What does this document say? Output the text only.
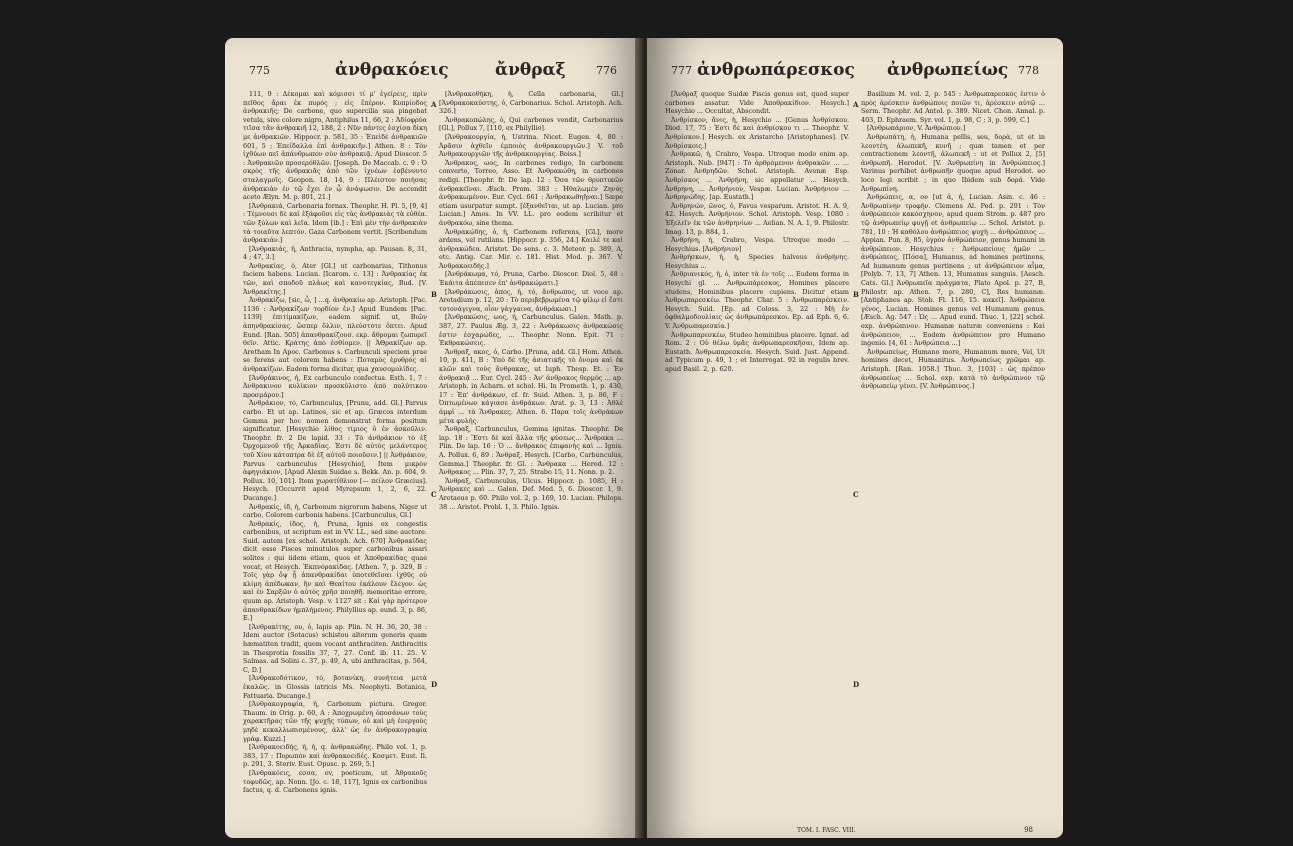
775	ἀνθρακόεις	ἄνθραξ	776

111, 9 : Δέκομαι καὶ κόμισσι τί μ' ἐγείρεις, πρὶν πεῖθος ἄραι ἐκ πυρός ; εἰς ἕπέρον. Κυπρίοδος ἀνθρακιῆς; De carbone, quo supercilia sua pingebat vetula, sive colore nigro, Antiphilus 11, 66, 2 : Ἀδίοφρύα τιῖσα τἂν ἀνθρακιῆ 12, 188, 2 : Νῦν πάντες ἐσχίσα δίκη με ἀνθρακιῶν. Hippocr. p. 581, 35 : Ἐπεὶδὲ ἀνθρακιῶν 601, 5 ; Ἐπείδαλλα ἐπὶ ἀνθρακιῆν.] Athen. 8 : Τὸν ἰχθύων πεῖ ἀπάνθρωπον σὺν ἀνθρακιᾷ. Apud Dioscor. 5 : Ἀνθρακιῶν προσερόθλῶν. [Joseph. De Maccab. c. 9 : Ὁ σκρὸς τῆς ἀνθρακιᾶς ἀπὸ τῶν ἰχνέων ἐσβέννυτο σταλαγμοῖς. Geopon. 18, 14, 9 : Πλέιστον ποιήσας ἀνθρακιὰν ἐν τῷ ἔχει ἐν ᾧ ἀνάψωσιν. De accendit aceto Ælyn. M. p. 801, 21.]

[Ἀνθρακιά, Carbonaria fornax. Theophr. H. Pl. 5, [9, 4] : Τέμνουσι δὲ καὶ ἐξάφοῦσι εἰς τὰς ἀνθρακιὰς τὰ εὐθέα. τῶν ξύλων καὶ λεῖα. Idem [ib.] : Ἐπὶ μὲν τὴν ἀνθρακιὰν τὰ τοιαῦτα λεπτόν. Gaza Carbonem vertit. [Scribendum ἀνθρακιάν.]

[Ἀνθρακιάς, ἡ, Anthracia, nympha, ap. Pausan. 8, 31, 4 ; 47, 3.]

Ἀνθρακίας, ὁ, Ater [Gl.] ut carbonarius, Tithonus faciem habens. Lucian. [Icarom. c. 13] : Ἀνθρακίας ἐκ τῶν, καὶ σποδοῦ πλάως καὶ κανοτεγκίας, Bud. [V. Ἀνθρακίτης.]

Ἀνθρακίζω, [sic, ὦ, ] ...q. ἀνθρακίω ap. Aristoph. [Pac. 1136 : Ἀνθρακίζων τορδίον ἐν.] Apud Eundem [Pac. 1139] ἐπιτίμακίζων, eadem signif. ut, Βιῶν ἀπηνθρακίσας. ὥσπερ ὄλλιν, πλεύστοτε ὄπτει. Apud Eund. [Ran. 505] ἀπανθρακίζουσ. εκρ. ἄθρομαι ζωπυρεῖ θεῖν. Attic. Κράτης ἀπὸ ἐσθίομεν. || ἈΘρακίζων ap. Aretham In Apoc. Carbonus s. Carbunculi speciem prae se ferens aut colorem habens : Ποταμὸς ἐρυθρός αἱ ἀνθρακίζων. Eadem forma dicitur, qua χαυσομολίδες.

[Ἀνθράκινος, ἡ, Ex carbunculo confectus. Esth. 1, 7 : Ἀνθρακινον κυλίκιον προσκύλιστο ἀπὸ πολύτικου προσμάρον.]

Ἀνθράκιον, τό, Carbunculus, [Prunu, add. Gl.] Parvus carbo. Et ut ap. Latinos, sic et ap. Græcos interdum Gemma per hoc nomen demonstrat forma positum significatur. [Hesychio λίθος τίμιος ὃ ἐν ἀσκοῦλιν. Theophr. fr. 2 De lapid. 33 : Τὸ ἀνθράκιον τὸ ἐξ Ὀρχομενοῦ τῆς Ἀρκαδίας. Ἐστι δὲ αὐτὸς μελάντερος τοῦ Χίου κάτοπτρα δὲ ἐξ αὐτοῦ ποιοῦσιν.] || Ἀνθράκιον, Parvus carbunculus [Hesychio], Item μικρὸν ἀφηγιάκιον, [Apud Alexin Suidae s. Bekk. An. p. 604, 9. Pollux. 10, 101]. Item χωρατίθλιον [— πείλον Græcius]. Hesych. [Occurrit apud Myrepsum 1, 2, 6, 22. Ducange.]

Ἀνθρακίς, ίδ, ἡ, Carbonum nigrorum habens, Niger ut carbo, Colorem carbonis habens. [Carbunculus, Gl.]

Ἀνθρακίς, ίδος, ἡ, Pruna, Ignis ex congestis carbonibus, ut scriptum est in VV. LL., sed sine auctore. Suid. autem [ex schol. Aristoph. Ach. 670] Ἀνθρακίδας dicit esse Pisces minutulos super carbonibus assari solitos : qui iidem etiam, quos et Ἀποθρακίδας quae vocat, et Hesych. Ἐκπνόρακίδας. [Athen. 7, p. 329, B : Τοῖς γὰρ ὄψ ᾗ ἀπανθρακίδαι ὑποτεθεῖσαι ἰχθῦς οὐ κλίμη ἀπέδωκαν, ἢν καὶ Θεαίτου ἐκάλουν ἔλεγον. ὡς καὶ ἐν Σαρξῶν ὁ αὐτὸς χρῆσ ποιηθῆ. memoritae errore, quum ap. Aristoph. Vesp. v. 1127 sit : Καὶ γὰρ πρότερον ἀπανθρακίδων ἠμπλήμενος. Philyllius ap. eund. 3, p. 86, E.]

[Ἀνθρακίτης, ου, ὁ, lapis ap. Plin. N. H. 36, 20, 38 : Idem auctor (Sotacus) schistou alterum generis quam hæmatiten tradit, quem vocant anthraciten. Anthracitis in Thesprotia fossilis 37, 7, 27. Conf. ib. 11. 25. V. Salmas. ad Solini c. 37, p. 49, A, ubi anthracitas, p. 564, C, D.]

[Ἀνθρακοδότικον, τό, βοτανίκη, συνήτεια μετὰ ἐκαλῶς. in Glossis iatricis Ms. Neophyti. Botanica, Fattuaria. Ducange.]

[Ἀνθρακογραφία, ἡ, Carbonum pictura. Gregor. Thaum. in Orig. p. 60, A : Ἀποχρωμένη ὁποσάνων τοὺς χαρακτῆρας τῶν τῆς ψυχῆς τύπων, οὐ καὶ μὴ ἐνεργοὺς μηδὲ κεκαλλωπισμένους, ἀλλ' ὡς ἐν ἀνθρακογραφία γράφ. Kuzzi.]

[Ἀνθρακοειδής, ἡ, ἡ, q. ἀνθρακώδης. Philo vol. 1, p. 383, 17 : Πυρωπὸν καὶ ἀνθρακοειδές. Κοσμετ. Eust. Il. p. 291, 3. Steriv. Eust. Opusc. p. 269, 5.]

[Ἀνθρακόεις, εσσα, ev, poeticum, ut Ἀθρακοῦς τοφυδῶς, ap. Nonn. [Jo. c. 18, 117], Ignis ex carbonibus factus, q. d. Carbonens ignis.

[Ἀνθρακοθήκη, ἡ, Cella carbonaria, Gl.] [Ἀνθρακοκαύστης, ὁ, Carbonarius. Schol. Aristoph. Ach. 326.]

Ἀνθρακοπώλης, ὁ, Qui carbones vendit, Carbonarius [Gl.], Pollux 7, [110, ex Philyllio].

[Ἀνθρακουργία, ἡ, Ustrina. Nicet. Eugen. 4, 80 : Ἀρᾶσιν ἀχθεῖν ἐμποιὸς ἀνθρακουργιῶν.] V. τοῦ Ἀνθρακουργιῶν τῆς ἀνθρακουργίας. Boiss.]

Ἄνθρακος, ωος, In carbones redigo, In carbonem converto, Torreo, Asso. Et Ἀνθρακώθη, in carbones redigi. [Theophr. fr. De lap. 12 : Ὄσα τῶν θρυπτικῶν ἀνθρακεῖναι. Æsch. Prom. 383 : Ἠθαλωμέν Ζηνός ἀνθρακωμένον. Eur. Cycl. 661 : Ἀνθρακωθηῆναι.] Sæpe etiam usurpatur sumpt. [ἐξανθεῖται, ut ap. Lucian. pro Lucian.] Amos. In VV. LL. pro eodem scribitur et ἀνθρακόω, sine thema.

Ἀνθρακώδης, ὁ, ἡ, Carbonem referens, [Gl.], more ardens, vel rutilans. [Hippocr. p. 356, 24.] Καιλέ τε καὶ ἀνθρακώδεα. Aristot. De sens. c. 3. Meteor. p. 389, A, etc. Antig. Car. Mir. c. 181. Hist. Mod. p. 367. V. Ἀνθρακοειδής.]

[Ἀνθράκωμα, τό, Pruna, Carbo. Dioscor. Diol. 5, 48 : Ἐκάιτα ἀπέπεσεν ἐπ' ἀνθρακώματι.]

[Ἀνθράκωσις, ἀπος, ἡ, τό, ἄνθρωπος, ut voce ap. Aretadium p. 12, 20 : Τὸ περιβεβρωμένα τῷ φίλῳ εἰ ἔστι τοτονάγιγνα, οἷον γάγγαινα, ἀνθράκωσι.]

[Ἀνθρακώσις, ωος, ἡ, Carbunculus. Galen. Math. p. 387, 27. Paulus Æg. 3, 22 : Ἀνθράκωσις ἀνθρακώσις ἐστιν ἐσχαρώδες, ... Theophr. Nonn. Epit. 71 : Ἐκθρακώσεις.

Ἄνθραξ, ακος, ὁ, Carbo. [Pruna, add. Gl.] Hom. Athen. 10, p. 411, B : Ὑπὸ δὲ τῆς ἀσιατικῆς τὸ ὄνομα καὶ ἐκ κλῶν καὶ τοὺς ἄνθρακας, ut Iuph. Thesp. Et. : Ἐν ἀνθρακιᾷ ... Eur. Cycl. 245 : Ἀν' ἀνθρακος θερμὸς ... ap. Aristoph. in Acharn. et schol. Hi. In Prometh. 1, p. 430, 17 : Ἐπ' ἀνθράκων, cf. fr. Suid. Athen. 3, p. 86, F : Ὀπτωμένων κάγιασε ἀνθράκων. Arat. p. 3, 13 : Ἀθλέ ἀμφὶ ... τὰ Ἄνθρακες. Athen. 6. Παρα τοῖς ἀνθράκων μέτα φυλής.

Ἄνθραξ, Carbunculus, Gemma ignitas. Theophr. De lap. 18 : Ἔστι δὲ καὶ ἄλλα τῆς φύσεως... Ἄνθρακα ... Plin. De lap. 16 : Ὁ ... ἄνθρακος ἐπιφανὴς καὶ ... Ignis. A. Pollux. 6, 89 : Ἄνθραξ. Hesych. [Carbo, Carbunculus, Gemma.] Theophr. fr. Gl. : Ἄνθρακα ... Herod. 12 : Ἀνθρακος ... Plin. 37, 7, 25. Strabo 15, 11. Nonn. p. 2.

Ἄνθραξ, Carbunculus, Ulcus. Hippocr. p. 1085, H : Ἄνθρακες καὶ ... Galen. Def. Med. 5, 6. Dioscor. 1, 9. Aretaeus p. 60. Philo vol. 2, p. 169, 10. Lucian. Philops. 38 ... Aristot. Probl. 1, 3. Philo. Ignis.

A
B
C
D
777 ἀνθρωπάρεσκος ἀνθρωπείως 778

[Ἄνθραξ quoque Suidæ Piscis genus est, quod super carbones assatur. Vide Ἀποθρακίδιον. Hesych.] Hesychio ... Occultat, Abscondit.

Ἀνθρίσκον, ἄνις, ἡ, Hesychio ... [Genus Ἀνθρίσκου. Diod. 17, 75 : Ἐστι δὲ καὶ ἀνθρίσκου τι ... Theophr. V. Ἀνθρίσκον.] Hesych. ex Aristarcho [Aristophanes]. [V. Ἀνθρίσκοις.]

Ἀνθρακῶ, ἡ, Crabro, Vespa. Utroque modo enim ap. Aristoph. Nub. [947] : Τὸ ἀρθρόμενον ἀνθρακῶν ... ... Zonar. Ἀνθρηδῶν. Schol. Aristoph. Avenæ Esp. Ἀνθρίσκος ... Ἀνθρήνη, sic appellatur ... Hesych. Ἀνθρηνη, ... Ἀνθρήνιον, Vespæ. Lucian. Ἀνθρήνιον ... Ἀνθρηνώδης. [ap. Eustath.]

Ἀνθρηνών, ῶνος, ὁ, Favus vesparum. Aristot. H. A. 9, 42. Hesych. Ἀνθρήνιον. Schol. Aristoph. Vesp. 1080 : Ἐξελεῖν ἐκ τῶν ἀνθρηνίων ... Aelian. N. A. 1, 9. Philostr. Imag. 13, p. 884, 1.

Ἀνθρήνη, ἡ, Crabro, Vespa. Utroque modo ... Hesychius. [Ἀνθρήνιον]

Ἀνθρήσκων, ἡ, ἡ, Species halveus ἀνθρήνης. Hesychius ...

Ἀνθριανικός, ἡ, ὁ, inter τὰ ἐν τοῖς ... Eudem forma in Hesychi gl. ... Ἀνθρωπάρεσκος, Homines placere studens, Hominibus placere cupiens. Dicitur etiam Ἀνθρωπαρεσκέω. Theophr. Char. 5 : Ἀνθρωπαρέσκειν. Hesych. Suid. [Ep. ad Coloss. 3, 22 : Μὴ ἐν ὀφθαλμοδουλίαις ὡς ἀνθρωπάρεσκοι. Ep. ad Eph. 6, 6. V. Ἀνθρωπαρεσκία.]

Ἀνθρωπαρεσκέω, Studeo hominibus placere. Ignat. ad Rom. 2 : Οὐ θέλω ὑμᾶς ἀνθρωπαρεσκῆσαι, Idem ap. Eustath. Ἀνθρωπαρεσκεία. Hesych. Suid. Just. Append. ad Typicum p. 49, 1 ; et Interrogat. 92 in regulis brev. apud Basil. 2, p. 620.

Basilium M. vol. 2, p. 545 : Ἀνθρωπαρεσκός ἐστιν ὁ πρὸς ἀρέσκειν ἀνθρώποις ποιῶν τι, ἀρέσκειν αὐτῷ ... Serm. Theophr. Ad Antol. p. 389. Nicet. Chon. Annal. p. 403, D. Ephraem. Syr. vol. 1, p. 98, C ; 3, p. 599, C.]

[Ἀνθρωπάριον, V. Ἀνθρώπιον.]

Ἀνθρωπάτη, ἡ, Humana pellis, seu, δορὰ, ut et in λεοντέη, ἀλωπεκῆ, κυνῆ ; quæ tamen et per contractionem λεοντῆ, ἀλωπεκῆ : ut et Pollux 2, [5] ἀνθρωπῆ. Herodot. [V. Ἀνθρωπίνη in Ἀνθρώπειος.] Varinus perhibet ἀνθρωπῆν quoque apud Herodot. eo loco legi scribit ; in quo Ibidem sub δορά. Vide Ἀνθρωπίνη.

Ἀνθρώπεις, α, ον [ut ἀ, ἡ, Lucian. Asin. c. 46 : Ἀνθρωπίνην τροφήν. Clemens Al. Ped. p. 291 : Τὸν ἀνθρώπειον κακόσχηνον, apud quem Strom. p. 487 pro τῷ ἀνθρωπείῳ φυγῇ et ἀνθρωπείῳ ... Schol. Aristot. p. 781, 10 : Ἡ καθόλου ἀνθρώπειος ψυχὴ ... ἀνθρώπειος ... Appian. Pun. 8, 85, ὑγρὸν ἀνθρώπειον, genus humani in ἀνθρώπειον. Hesychius : Ἀνθρωπείους ἡμῶν ... ἀνθρώπεος, [Πόσα], Humanus, ad homines pertinens, Ad humanum genus pertinens ; ut ἀνθρώπειον αἷμα, [Polyb. 7, 13, 7] Athen. 13, Humanus sanguis. [Aesch. Cats. Gl.] Ἀνθρωπεῖα πράγματα, Plato Apol. p. 27, B, Philostr. ap. Athen. 7, p. 280, C], Res humanæ. [Antiphanes ap. Stob. Fl. 116, 15. κακεῖ]. Ἀνθρώπεια γένος, Lucian. Homines genus vel Humanum genus. [Æsch. Ag. 547 : Ὡς ... Apud eund. Thuc. 1, [22] schol. exp. ἀνθρώπινον. Humanæ naturæ conveniens : Καὶ ἀνθρώπειον, ... Eodem ἀνθρώπειον pro Humano ingenio. [4, 61 : Ἀνθρώπεια ...]

Ἀνθρωπείως, Humano more, Humanum more, Vel, Ut homines decet, Humanitus. Ἀνθρωπείως χρῶμαι ap. Aristoph. [Ran. 1058.] Thuc. 3, [103] : ὡς πρέπον ἀνθρωπείως ... Schol. exp. κατὰ τὸ ἀνθρώπινον τῷ ἀνθρωπείῳ γένει. [V. Ἀνθρώπινος.]

A
B
C
D
TOM. I. FASC. VIII.	98
